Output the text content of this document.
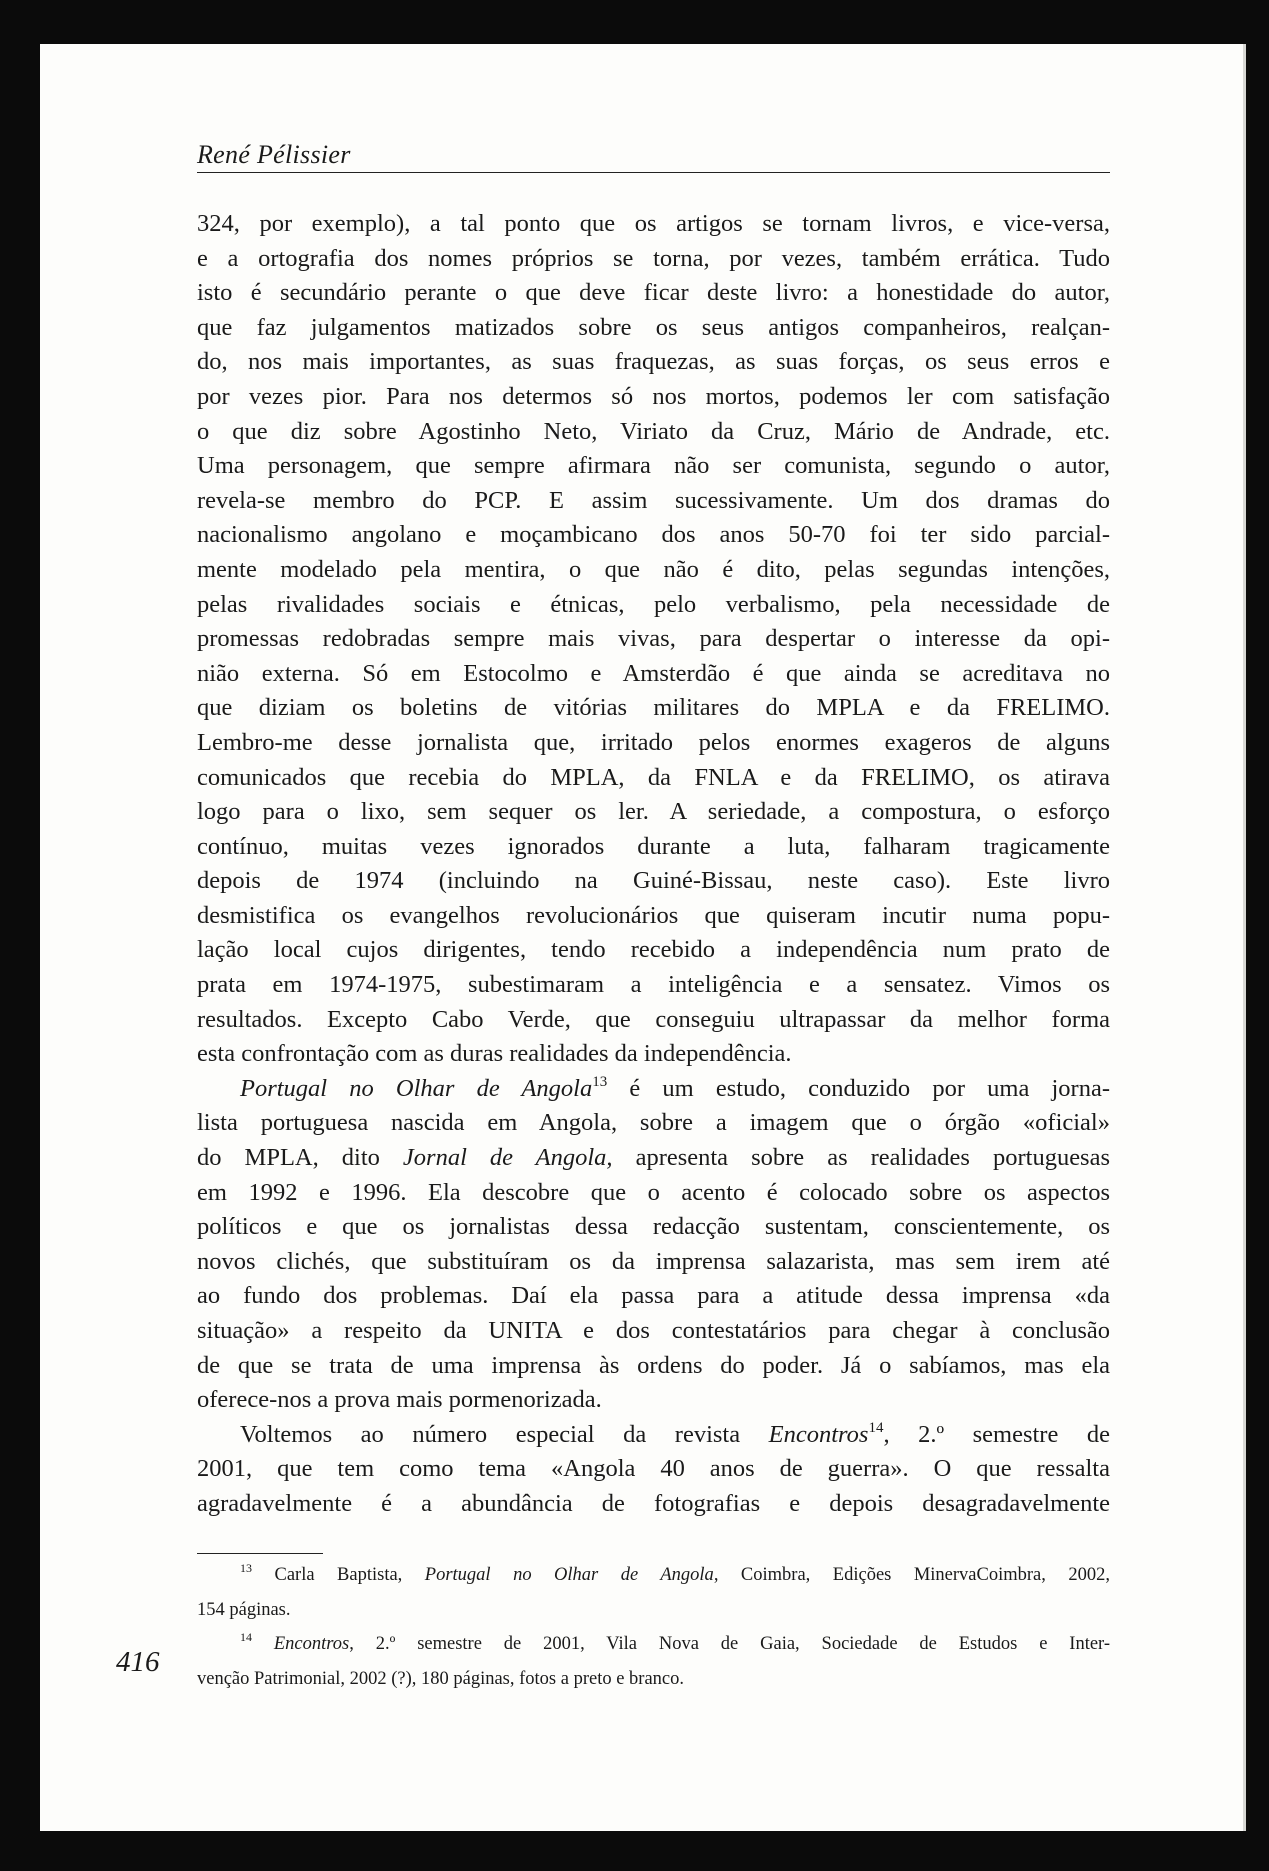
René Pélissier
324, por exemplo), a tal ponto que os artigos se tornam livros, e vice-versa,
e a ortografia dos nomes próprios se torna, por vezes, também errática. Tudo
isto é secundário perante o que deve ficar deste livro: a honestidade do autor,
que faz julgamentos matizados sobre os seus antigos companheiros, realçan-
do, nos mais importantes, as suas fraquezas, as suas forças, os seus erros e
por vezes pior. Para nos determos só nos mortos, podemos ler com satisfação
o que diz sobre Agostinho Neto, Viriato da Cruz, Mário de Andrade, etc.
Uma personagem, que sempre afirmara não ser comunista, segundo o autor,
revela-se membro do PCP. E assim sucessivamente. Um dos dramas do
nacionalismo angolano e moçambicano dos anos 50-70 foi ter sido parcial-
mente modelado pela mentira, o que não é dito, pelas segundas intenções,
pelas rivalidades sociais e étnicas, pelo verbalismo, pela necessidade de
promessas redobradas sempre mais vivas, para despertar o interesse da opi-
nião externa. Só em Estocolmo e Amsterdão é que ainda se acreditava no
que diziam os boletins de vitórias militares do MPLA e da FRELIMO.
Lembro-me desse jornalista que, irritado pelos enormes exageros de alguns
comunicados que recebia do MPLA, da FNLA e da FRELIMO, os atirava
logo para o lixo, sem sequer os ler. A seriedade, a compostura, o esforço
contínuo, muitas vezes ignorados durante a luta, falharam tragicamente
depois de 1974 (incluindo na Guiné-Bissau, neste caso). Este livro
desmistifica os evangelhos revolucionários que quiseram incutir numa popu-
lação local cujos dirigentes, tendo recebido a independência num prato de
prata em 1974-1975, subestimaram a inteligência e a sensatez. Vimos os
resultados. Excepto Cabo Verde, que conseguiu ultrapassar da melhor forma
esta confrontação com as duras realidades da independência.
Portugal no Olhar de Angola$^{13}$ é um estudo, conduzido por uma jorna-
lista portuguesa nascida em Angola, sobre a imagem que o órgão «oficial»
do MPLA, dito Jornal de Angola, apresenta sobre as realidades portuguesas
em 1992 e 1996. Ela descobre que o acento é colocado sobre os aspectos
políticos e que os jornalistas dessa redacção sustentam, conscientemente, os
novos clichés, que substituíram os da imprensa salazarista, mas sem irem até
ao fundo dos problemas. Daí ela passa para a atitude dessa imprensa «da
situação» a respeito da UNITA e dos contestatários para chegar à conclusão
de que se trata de uma imprensa às ordens do poder. Já o sabíamos, mas ela
oferece-nos a prova mais pormenorizada.
Voltemos ao número especial da revista Encontros$^{14}$, 2.º semestre de
2001, que tem como tema «Angola 40 anos de guerra». O que ressalta
agradavelmente é a abundância de fotografias e depois desagradavelmente
$^{13}$ Carla Baptista, Portugal no Olhar de Angola, Coimbra, Edições MinervaCoimbra, 2002,
154 páginas.
$^{14}$ Encontros, 2.º semestre de 2001, Vila Nova de Gaia, Sociedade de Estudos e Inter-
venção Patrimonial, 2002 (?), 180 páginas, fotos a preto e branco.
416
